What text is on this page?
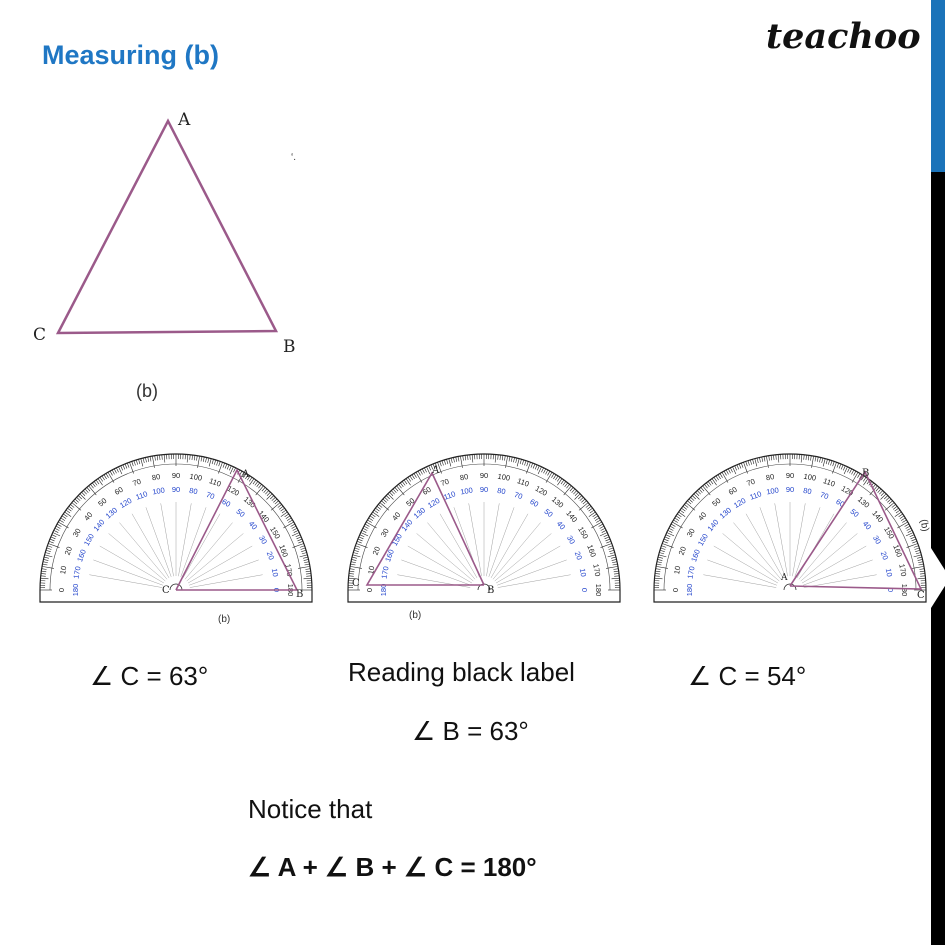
Measuring (b)	teachoo
‘.
A
C
B
(b)
180
0
170
10
160
20
150
30
140
40
130
50
120
60
110
70
100
80
90
90
80
100
70
110
60
120
50
130
40
140
30 150
20 160
10 170
0 180	180
0
170
10
160
20
150
30
140
40
130
50
120
60
110
70
100
80
90
90
80
100
70
110
60
120
50
130
40
140
30 150
20 160
10 170
0 180	180
0
170
10
160
20
150
30
140
40
130
50
120
60
110
70
100
80
90
90
80
100
70
110
60
120
50
130
40
140
30 150
20 160
10 170
0 180
C
A
B
(b)
B
A
C
(b)
A
B
C
(b)
∠ C = 63°	Reading black label
∠ B = 63°
∠ C = 54°
Notice that
∠ A + ∠ B + ∠ C = 180°
